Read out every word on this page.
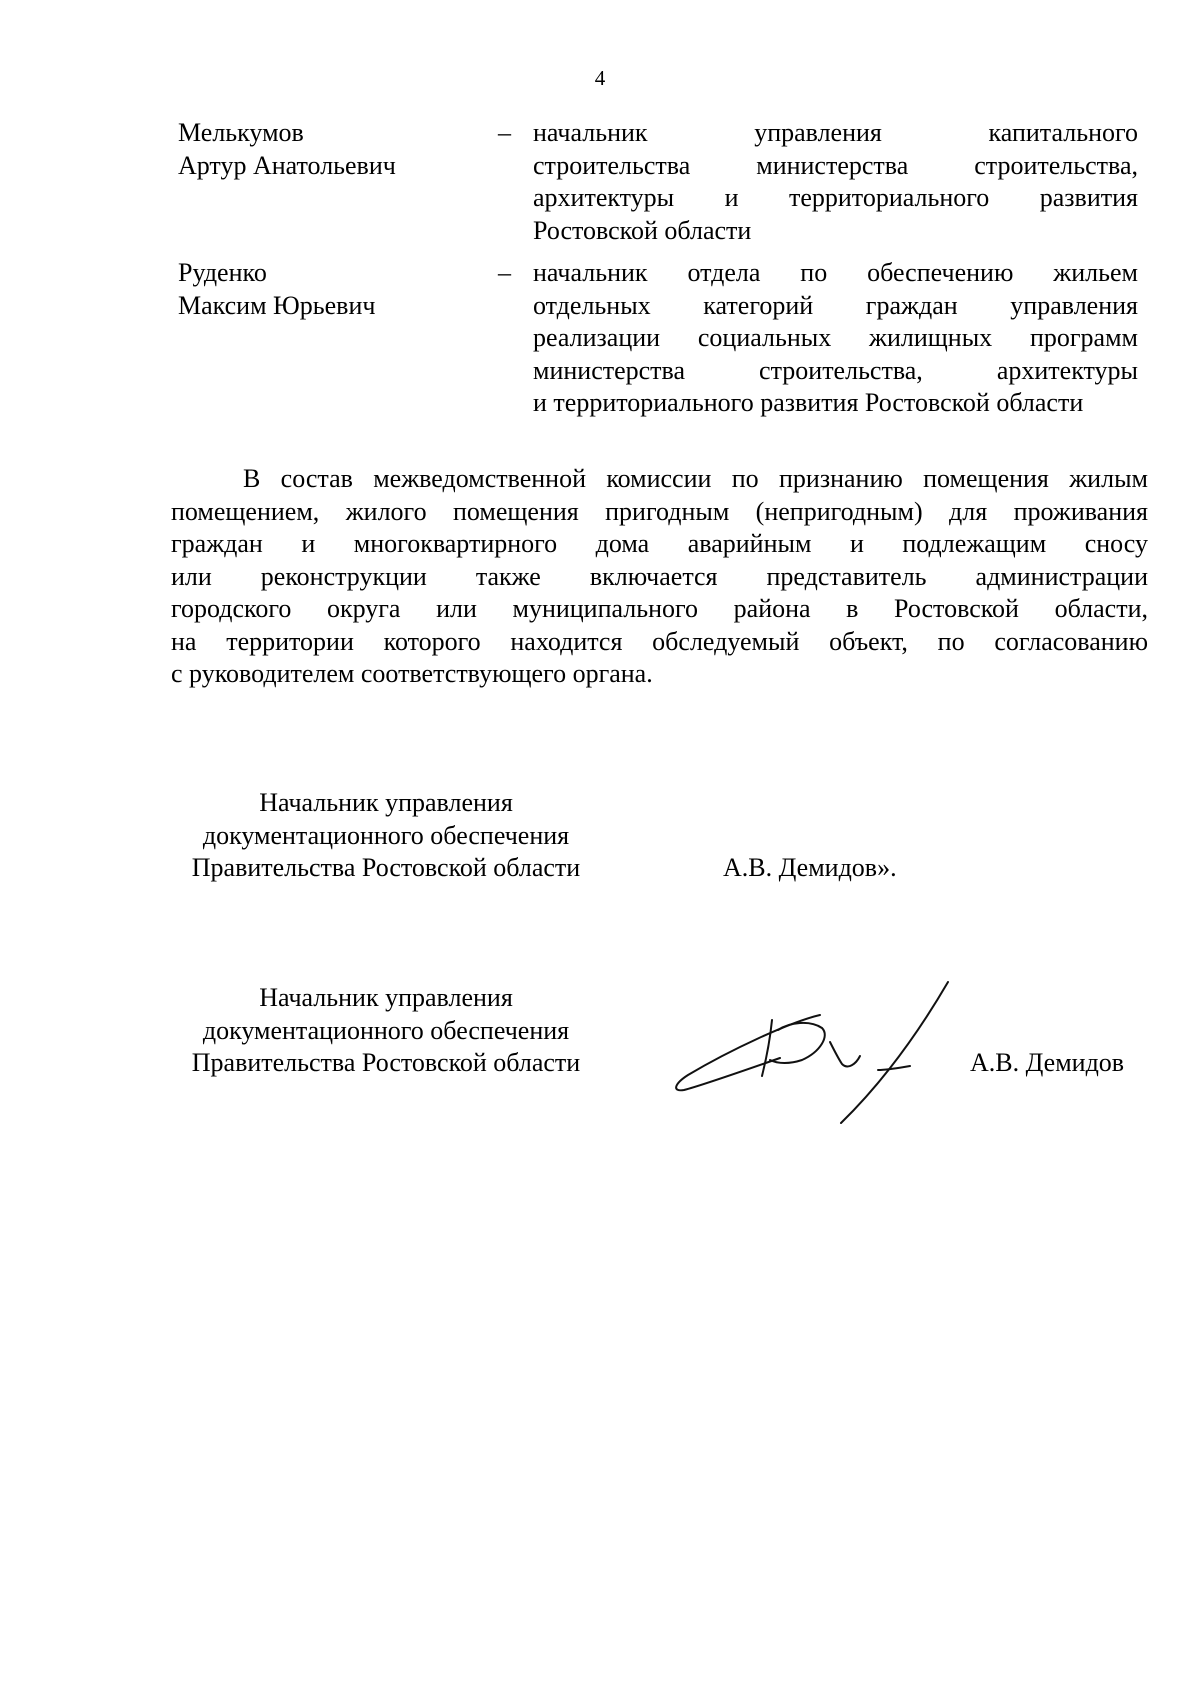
4
Мелькумов
Артур Анатольевич
– начальник управления капитального
строительства министерства строительства,
архитектуры и территориального развития
Ростовской области
Руденко
Максим Юрьевич
– начальник отдела по обеспечению жильем
отдельных категорий граждан управления
реализации социальных жилищных программ
министерства строительства, архитектуры
и территориального развития Ростовской области
В состав межведомственной комиссии по признанию помещения жилым
помещением, жилого помещения пригодным (непригодным) для проживания
граждан и многоквартирного дома аварийным и подлежащим сносу
или реконструкции также включается представитель администрации
городского округа или муниципального района в Ростовской области,
на территории которого находится обследуемый объект, по согласованию
с руководителем соответствующего органа.
Начальник управления
документационного обеспечения
Правительства Ростовской области	А.В. Демидов».
Начальник управления
документационного обеспечения
Правительства Ростовской области	А.В. Демидов
